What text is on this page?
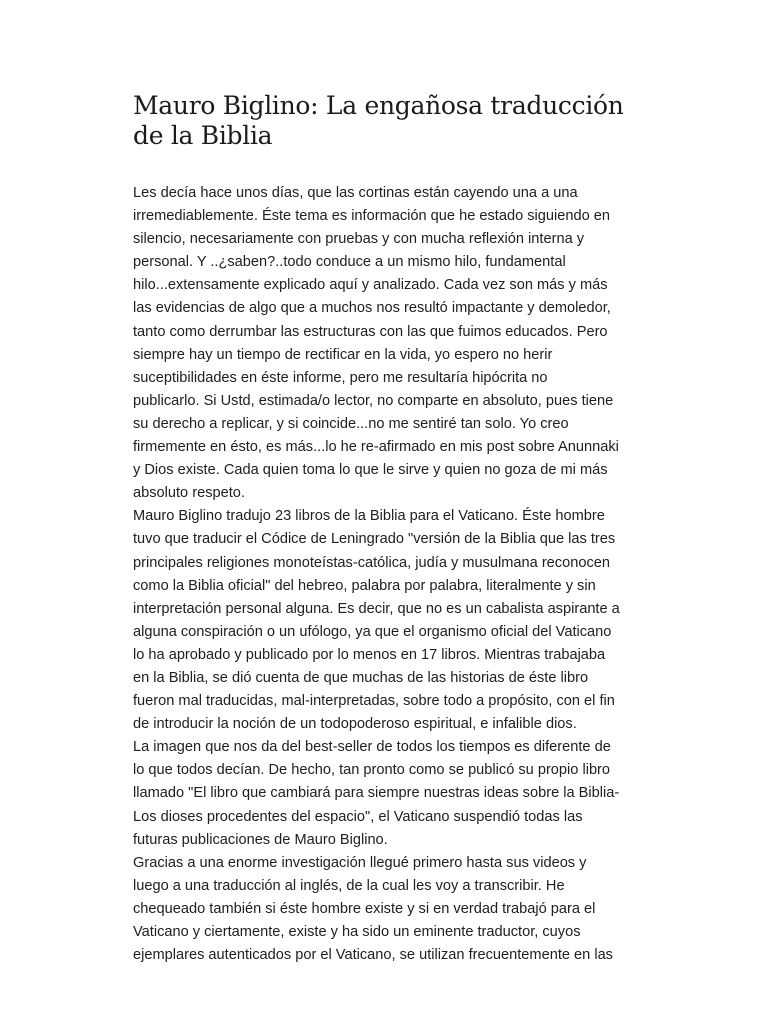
Mauro Biglino: La engañosa traducción
de la Biblia

Les decía hace unos días, que las cortinas están cayendo una a una
irremediablemente. Éste tema es información que he estado siguiendo en
silencio, necesariamente con pruebas y con mucha reflexión interna y
personal. Y ..¿saben?..todo conduce a un mismo hilo, fundamental
hilo...extensamente explicado aquí y analizado. Cada vez son más y más
las evidencias de algo que a muchos nos resultó impactante y demoledor,
tanto como derrumbar las estructuras con las que fuimos educados. Pero
siempre hay un tiempo de rectificar en la vida, yo espero no herir
suceptibilidades en éste informe, pero me resultaría hipócrita no
publicarlo. Si Ustd, estimada/o lector, no comparte en absoluto, pues tiene
su derecho a replicar, y si coincide...no me sentiré tan solo. Yo creo
firmemente en ésto, es más...lo he re-afirmado en mis post sobre Anunnaki
y Dios existe. Cada quien toma lo que le sirve y quien no goza de mi más
absoluto respeto.

Mauro Biglino tradujo 23 libros de la Biblia para el Vaticano. Éste hombre
tuvo que traducir el Códice de Leningrado "versión de la Biblia que las tres
principales religiones monoteístas-católica, judía y musulmana reconocen
como la Biblia oficial" del hebreo, palabra por palabra, literalmente y sin
interpretación personal alguna. Es decir, que no es un cabalista aspirante a
alguna conspiración o un ufólogo, ya que el organismo oficial del Vaticano
lo ha aprobado y publicado por lo menos en 17 libros. Mientras trabajaba
en la Biblia, se dió cuenta de que muchas de las historias de éste libro
fueron mal traducidas, mal-interpretadas, sobre todo a propósito, con el fin
de introducir la noción de un todopoderoso espiritual, e infalible dios.

La imagen que nos da del best-seller de todos los tiempos es diferente de
lo que todos decían. De hecho, tan pronto como se publicó su propio libro
llamado "El libro que cambiará para siempre nuestras ideas sobre la Biblia-
Los dioses procedentes del espacio", el Vaticano suspendió todas las
futuras publicaciones de Mauro Biglino.

Gracias a una enorme investigación llegué primero hasta sus videos y
luego a una traducción al inglés, de la cual les voy a transcribir. He
chequeado también si éste hombre existe y si en verdad trabajó para el
Vaticano y ciertamente, existe y ha sido un eminente traductor, cuyos
ejemplares autenticados por el Vaticano, se utilizan frecuentemente en las
